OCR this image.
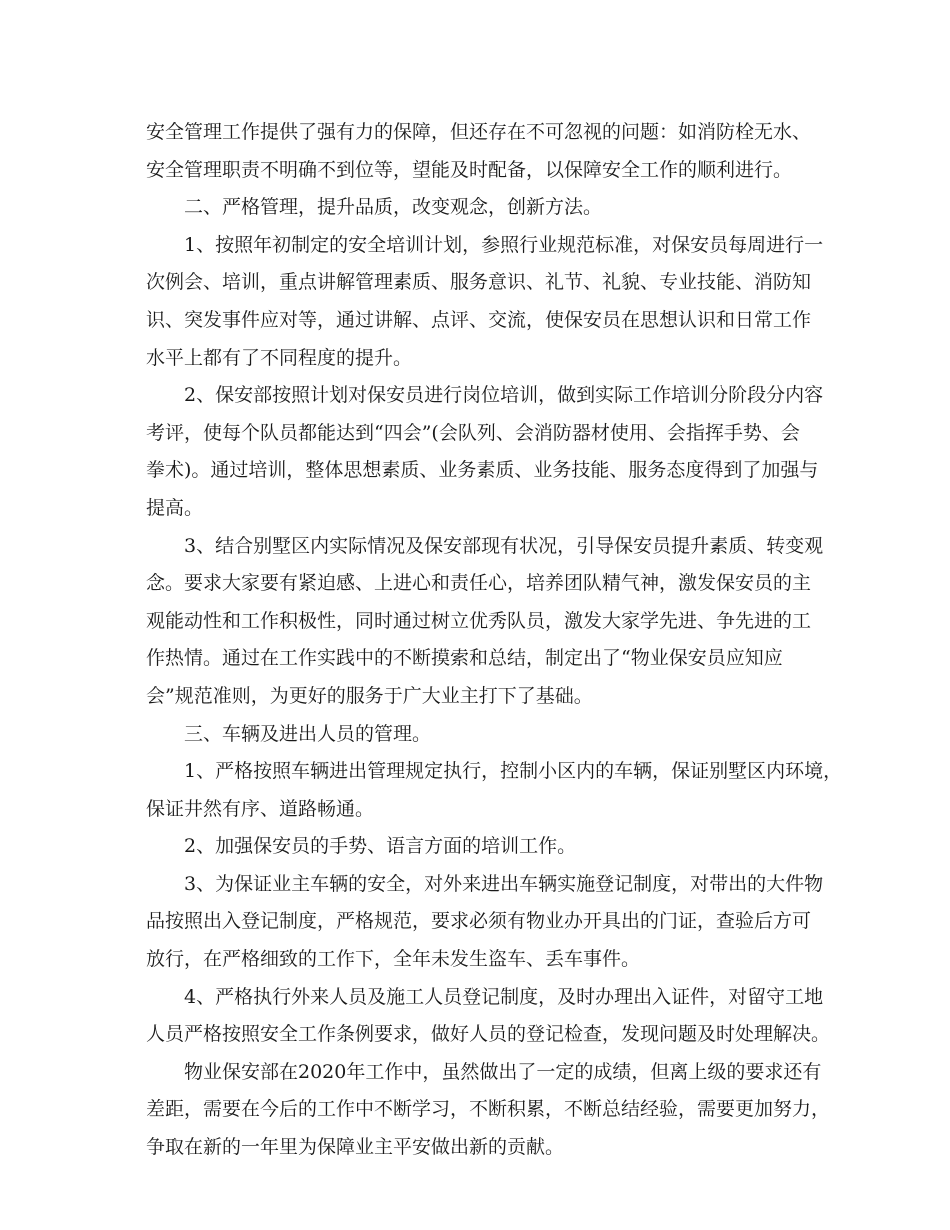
安全管理工作提供了强有力的保障，但还存在不可忽视的问题：如消防栓无水、
安全管理职责不明确不到位等，望能及时配备，以保障安全工作的顺利进行。
二、严格管理，提升品质，改变观念，创新方法。
1、按照年初制定的安全培训计划，参照行业规范标准，对保安员每周进行一
次例会、培训，重点讲解管理素质、服务意识、礼节、礼貌、专业技能、消防知
识、突发事件应对等，通过讲解、点评、交流，使保安员在思想认识和日常工作
水平上都有了不同程度的提升。
2、保安部按照计划对保安员进行岗位培训，做到实际工作培训分阶段分内容
考评，使每个队员都能达到“四会”(会队列、会消防器材使用、会指挥手势、会
拳术)。通过培训，整体思想素质、业务素质、业务技能、服务态度得到了加强与
提高。
3、结合别墅区内实际情况及保安部现有状况，引导保安员提升素质、转变观
念。要求大家要有紧迫感、上进心和责任心，培养团队精气神，激发保安员的主
观能动性和工作积极性，同时通过树立优秀队员，激发大家学先进、争先进的工
作热情。通过在工作实践中的不断摸索和总结，制定出了“物业保安员应知应
会”规范准则，为更好的服务于广大业主打下了基础。
三、车辆及进出人员的管理。
1、严格按照车辆进出管理规定执行，控制小区内的车辆，保证别墅区内环境，
保证井然有序、道路畅通。
2、加强保安员的手势、语言方面的培训工作。
3、为保证业主车辆的安全，对外来进出车辆实施登记制度，对带出的大件物
品按照出入登记制度，严格规范，要求必须有物业办开具出的门证，查验后方可
放行，在严格细致的工作下，全年未发生盗车、丢车事件。
4、严格执行外来人员及施工人员登记制度，及时办理出入证件，对留守工地
人员严格按照安全工作条例要求，做好人员的登记检查，发现问题及时处理解决。
物业保安部在2020年工作中，虽然做出了一定的成绩，但离上级的要求还有
差距，需要在今后的工作中不断学习，不断积累，不断总结经验，需要更加努力，
争取在新的一年里为保障业主平安做出新的贡献。
